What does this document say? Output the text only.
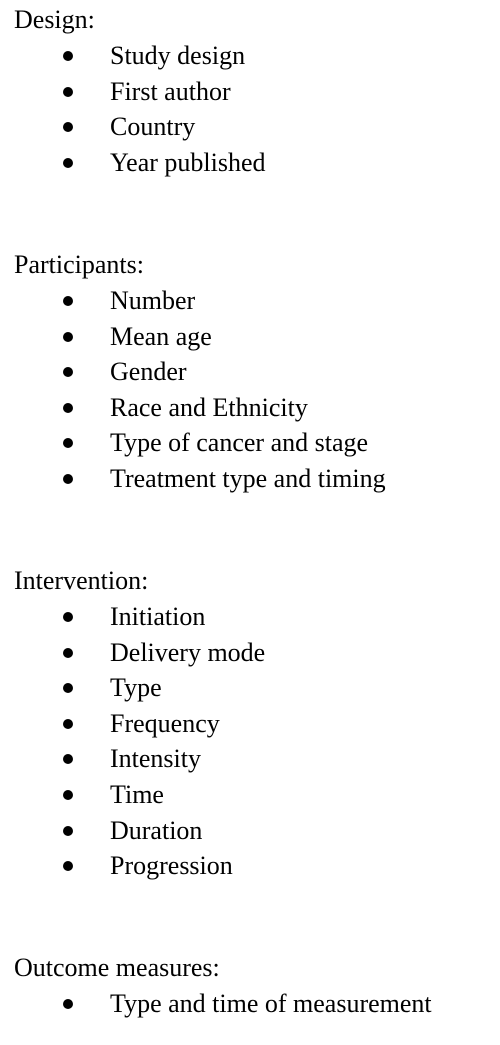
Design:
Study design
First author
Country
Year published
Participants:
Number
Mean age
Gender
Race and Ethnicity
Type of cancer and stage
Treatment type and timing
Intervention:
Initiation
Delivery mode
Type
Frequency
Intensity
Time
Duration
Progression
Outcome measures:
Type and time of measurement
